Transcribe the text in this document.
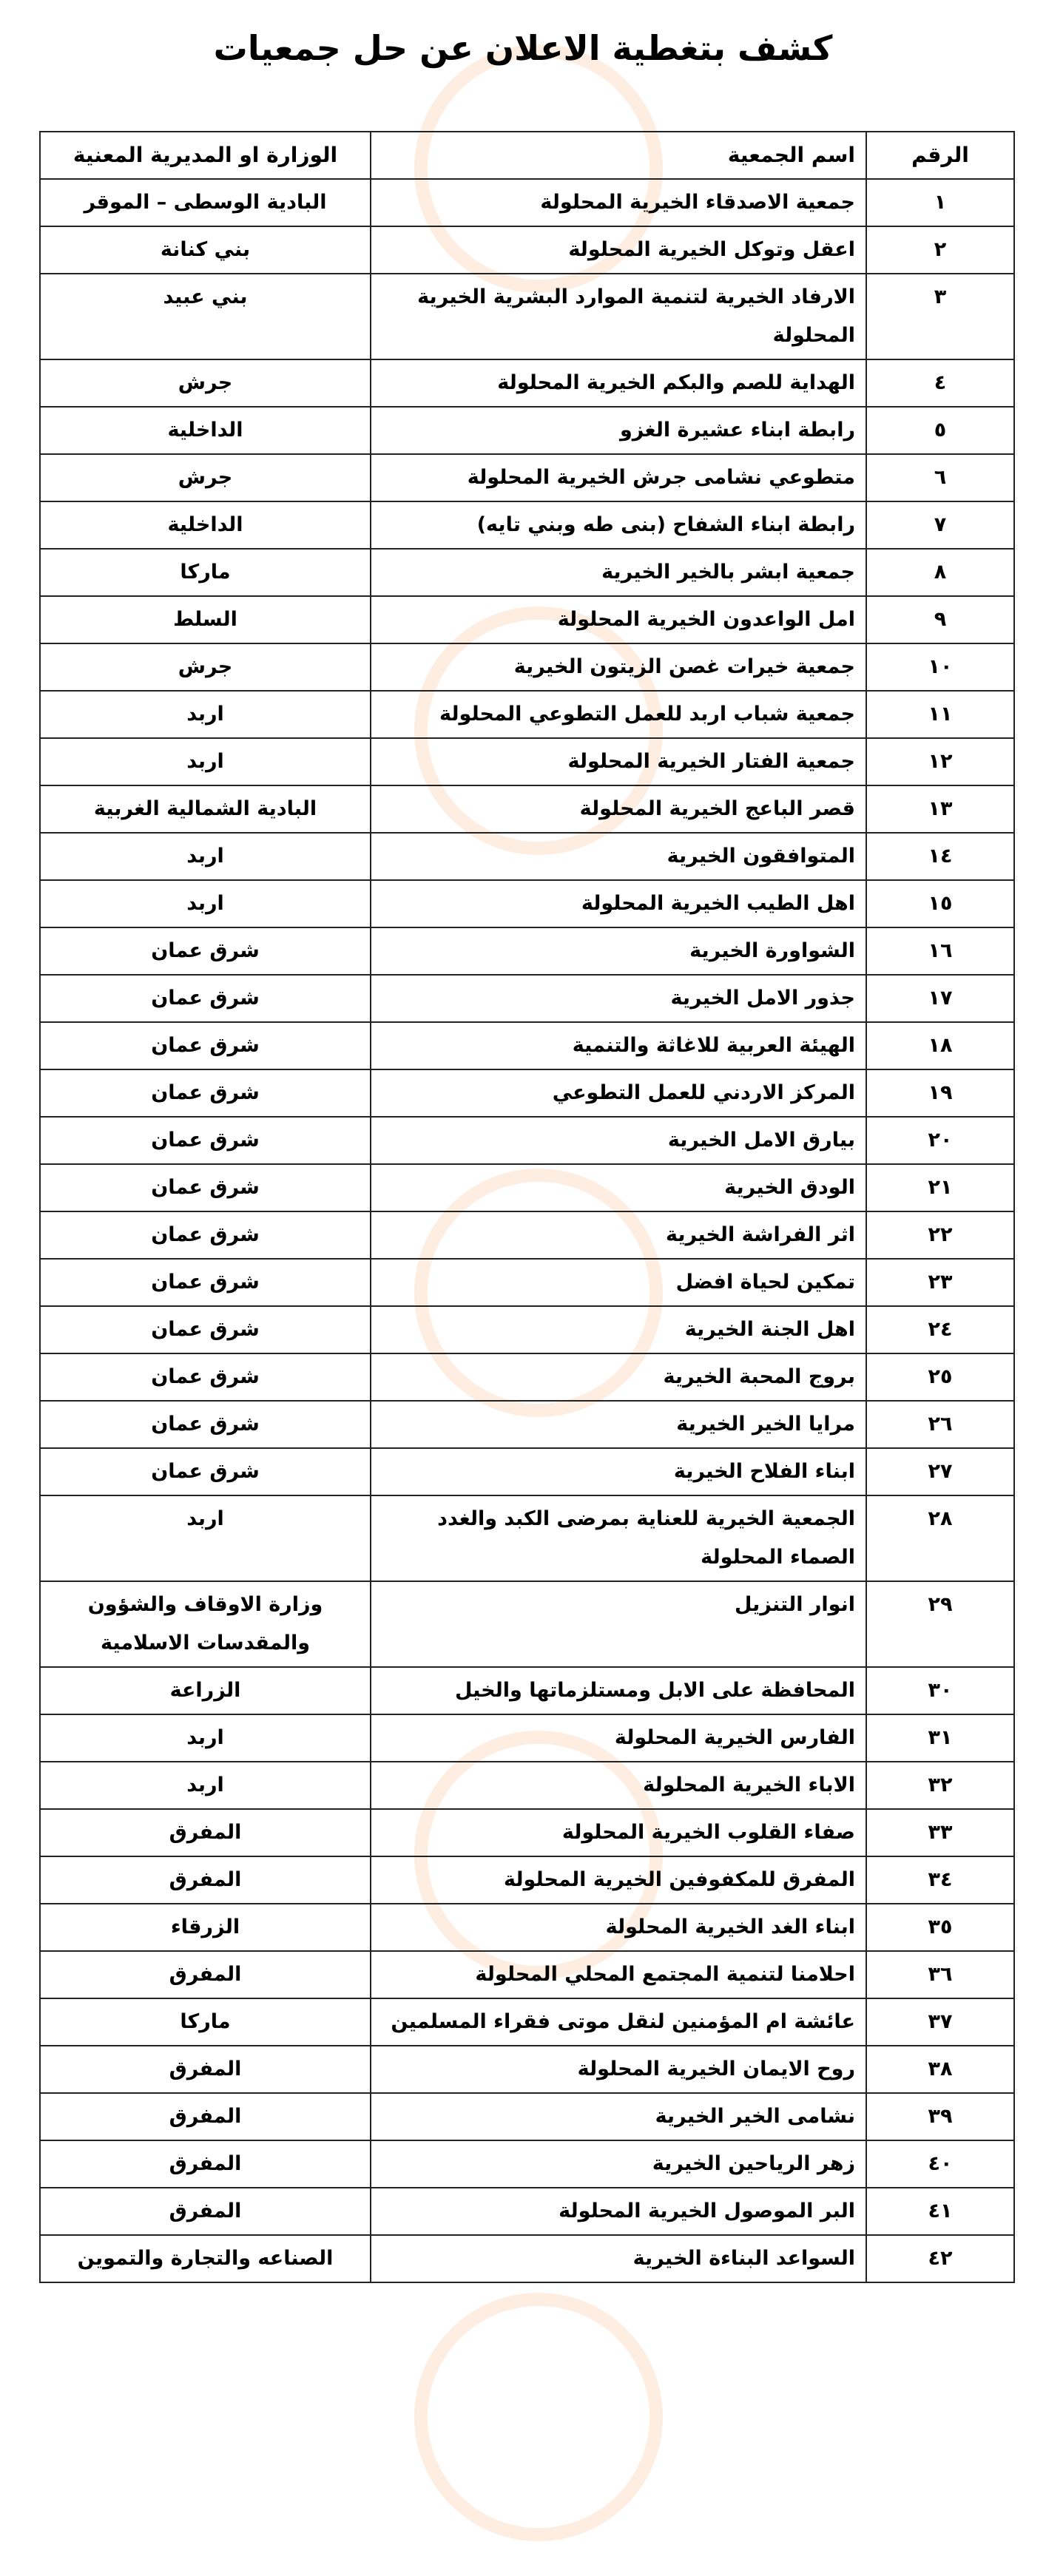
كشف بتغطية الاعلان عن حل جمعيات
الرقم	اسم الجمعية	الوزارة او المديرية المعنية
١	جمعية الاصدقاء الخيرية المحلولة	البادية الوسطى – الموقر
٢	اعقل وتوكل الخيرية المحلولة	بني كنانة
٣	الارفاد الخيرية لتنمية الموارد البشرية الخيرية المحلولة	بني عبيد
٤	الهداية للصم والبكم الخيرية المحلولة	جرش
٥	رابطة ابناء عشيرة الغزو	الداخلية
٦	متطوعي نشامى جرش الخيرية المحلولة	جرش
٧	رابطة ابناء الشفاح (بنى طه وبني تايه)	الداخلية
٨	جمعية ابشر بالخير الخيرية	ماركا
٩	امل الواعدون الخيرية المحلولة	السلط
١٠	جمعية خيرات غصن الزيتون الخيرية	جرش
١١	جمعية شباب اربد للعمل التطوعي المحلولة	اربد
١٢	جمعية الفتار الخيرية المحلولة	اربد
١٣	قصر الباعج الخيرية المحلولة	البادية الشمالية الغربية
١٤	المتوافقون الخيرية	اربد
١٥	اهل الطيب الخيرية المحلولة	اربد
١٦	الشواورة الخيرية	شرق عمان
١٧	جذور الامل الخيرية	شرق عمان
١٨	الهيئة العربية للاغاثة والتنمية	شرق عمان
١٩	المركز الاردني للعمل التطوعي	شرق عمان
٢٠	بيارق الامل الخيرية	شرق عمان
٢١	الودق الخيرية	شرق عمان
٢٢	اثر الفراشة الخيرية	شرق عمان
٢٣	تمكين لحياة افضل	شرق عمان
٢٤	اهل الجنة الخيرية	شرق عمان
٢٥	بروج المحبة الخيرية	شرق عمان
٢٦	مرايا الخير الخيرية	شرق عمان
٢٧	ابناء الفلاح الخيرية	شرق عمان
٢٨	الجمعية الخيرية للعناية بمرضى الكبد والغدد الصماء المحلولة	اربد
٢٩	انوار التنزيل	وزارة الاوقاف والشؤون والمقدسات الاسلامية
٣٠	المحافظة على الابل ومستلزماتها والخيل	الزراعة
٣١	الفارس الخيرية المحلولة	اربد
٣٢	الاباء الخيرية المحلولة	اربد
٣٣	صفاء القلوب الخيرية المحلولة	المفرق
٣٤	المفرق للمكفوفين الخيرية المحلولة	المفرق
٣٥	ابناء الغد الخيرية المحلولة	الزرقاء
٣٦	احلامنا لتنمية المجتمع المحلي المحلولة	المفرق
٣٧	عائشة ام المؤمنين لنقل موتى فقراء المسلمين	ماركا
٣٨	روح الايمان الخيرية المحلولة	المفرق
٣٩	نشامى الخير الخيرية	المفرق
٤٠	زهر الرياحين الخيرية	المفرق
٤١	البر الموصول الخيرية المحلولة	المفرق
٤٢	السواعد البناءة الخيرية	الصناعه والتجارة والتموين
